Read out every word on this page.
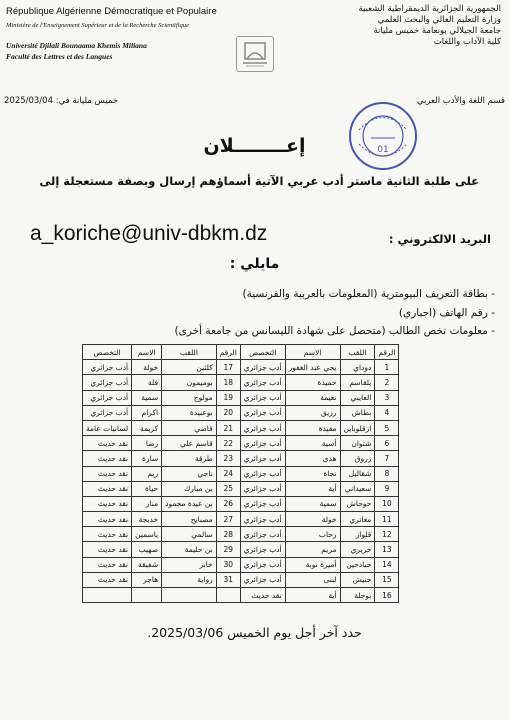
République Algérienne Démocratique et Populaire
Ministère de l'Enseignement Supérieur et de la Recherche Scientifique
Université Djilali Bounaama Khemis Miliana
Faculté des Lettres et des Langues
الجمهورية الجزائرية الديمقراطية الشعبية
وزارة التعليم العالي والبحث العلمي
جامعة الجيلالي بونعامة خميس مليانة
كلية الآداب واللغات
خميس مليانة في: 2025/03/04	قسم اللغة والأدب العربي
01
إعــــــــلان
على طلبة الثانية ماستر أدب عربي الآتية أسماؤهم إرسال وبصفة مستعجلة إلى
البريد الالكتروني :
a_koriche@univ-dbkm.dz
مايلي :
- بطاقة التعريف البيومترية (المعلومات بالعربية والفرنسية)
- رقم الهاتف (اجباري)
- معلومات تخص الطالب (متحصل على شهادة الليسانس من جامعة أخرى)
الرقم	اللقب	الاسم	التخصص	الرقم	اللقب	الاسم	التخصص
1	دوداي	يحي عبد الغفور	أدب جزائري	17	كلثين	خولة	أدب جزائري
2	بلقاسم	حميدة	أدب جزائري	18	بوميمون	فلة	أدب جزائري
3	العايبي	نعيمة	أدب جزائري	19	مولوج	سمية	أدب جزائري
4	بطاش	رزيق	أدب جزائري	20	بوعبيدة	اكرام	أدب جزائري
5	ازقلوباين	مفيدة	أدب جزائري	21	قاضي	كريمة	لسانيات عامة
6	شتوان	أسية	أدب جزائري	22	قاسم علي	رضا	نقد حديث
7	زروق	هدى	أدب جزائري	23	طرقة	سارة	نقد حديث
8	شقاليل	نجاة	أدب جزائري	24	ناجي	ريم	نقد حديث
9	سعيداني	أية	أدب جزائري	25	بن مبارك	حياة	نقد حديث
10	حوحاش	سمية	أدب جزائري	26	بن عيدة محمود	منار	نقد حديث
11	مغاتري	خولة	أدب جزائري	27	مصبايح	خديجة	نقد حديث
12	قلواز	رحاب	أدب جزائري	28	سالمي	ياسمين	نقد حديث
13	حريري	مريم	أدب جزائري	29	بن حليمة	صهيب	نقد حديث
14	حيادحين	أميرة نوبة	أدب جزائري	30	خابز	شفيقة	نقد حديث
15	حنيش	لبنى	أدب جزائري	31	رواية	هاجر	نقد حديث
16	بوجلة	أية	نقد حديث				
حدد آخر أجل يوم الخميس 2025/03/06.
